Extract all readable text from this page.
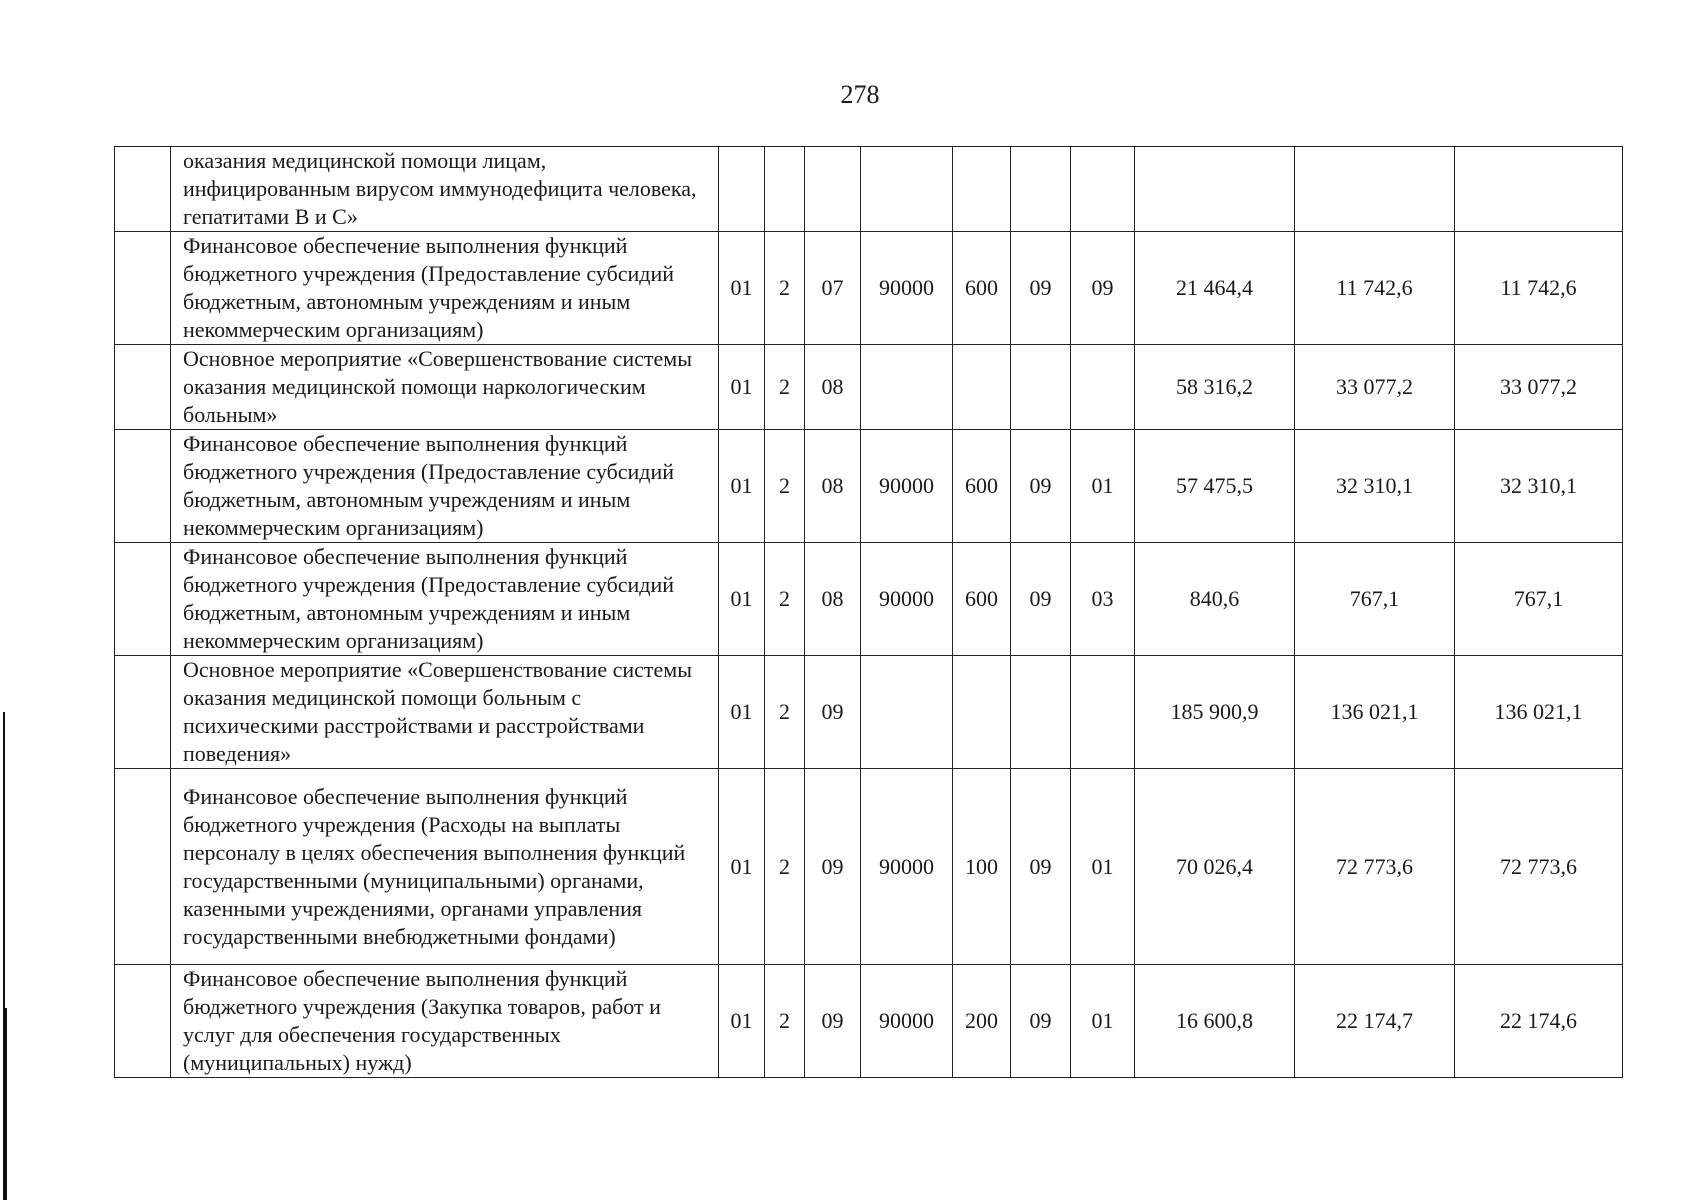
278
	оказания медицинской помощи лицам, инфицированным вирусом иммунодефицита человека, гепатитами В и С»										
	Финансовое обеспечение выполнения функций бюджетного учреждения (Предоставление субсидий бюджетным, автономным учреждениям и иным некоммерческим организациям)	01	2	07	90000	600	09	09	21 464,4	11 742,6	11 742,6
	Основное мероприятие «Совершенствование системы оказания медицинской помощи наркологическим больным»	01	2	08					58 316,2	33 077,2	33 077,2
	Финансовое обеспечение выполнения функций бюджетного учреждения (Предоставление субсидий бюджетным, автономным учреждениям и иным некоммерческим организациям)	01	2	08	90000	600	09	01	57 475,5	32 310,1	32 310,1
	Финансовое обеспечение выполнения функций бюджетного учреждения (Предоставление субсидий бюджетным, автономным учреждениям и иным некоммерческим организациям)	01	2	08	90000	600	09	03	840,6	767,1	767,1
	Основное мероприятие «Совершенствование системы оказания медицинской помощи больным с психическими расстройствами и расстройствами поведения»	01	2	09					185 900,9	136 021,1	136 021,1
	Финансовое обеспечение выполнения функций бюджетного учреждения (Расходы на выплаты персоналу в целях обеспечения выполнения функций государственными (муниципальными) органами, казенными учреждениями, органами управления государственными внебюджетными фондами)	01	2	09	90000	100	09	01	70 026,4	72 773,6	72 773,6
	Финансовое обеспечение выполнения функций бюджетного учреждения (Закупка товаров, работ и услуг для обеспечения государственных (муниципальных) нужд)	01	2	09	90000	200	09	01	16 600,8	22 174,7	22 174,6
